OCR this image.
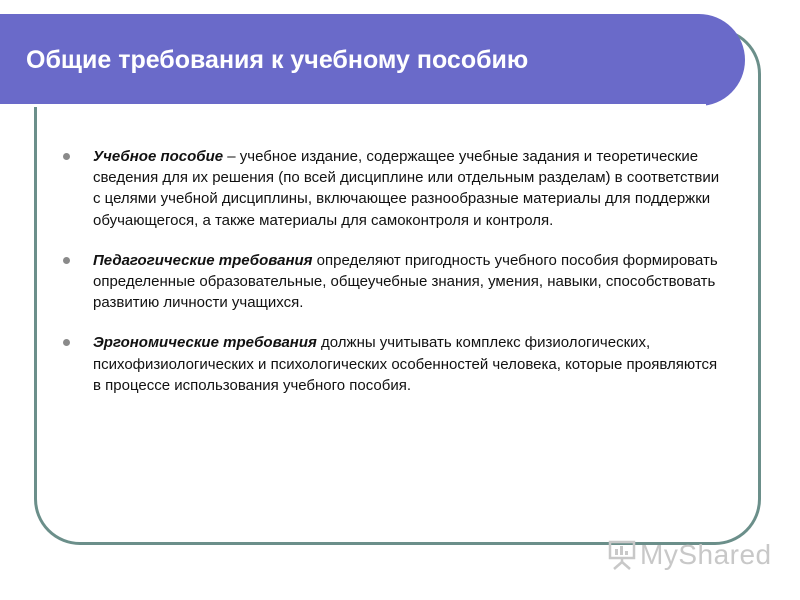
Общие требования к учебному пособию
Учебное пособие – учебное издание, содержащее учебные задания и теоретические сведения для их решения (по всей дисциплине или отдельным разделам) в соответствии с целями учебной дисциплины, включающее разнообразные материалы для поддержки обучающегося, а также материалы для самоконтроля и контроля.
Педагогические требования определяют пригодность учебного пособия формировать определенные образовательные, общеучебные знания, умения, навыки, способствовать развитию личности учащихся.
Эргономические требования должны учитывать комплекс физиологических, психофизиологических и психологических особенностей человека, которые проявляются в процессе использования учебного пособия.
MyShared
